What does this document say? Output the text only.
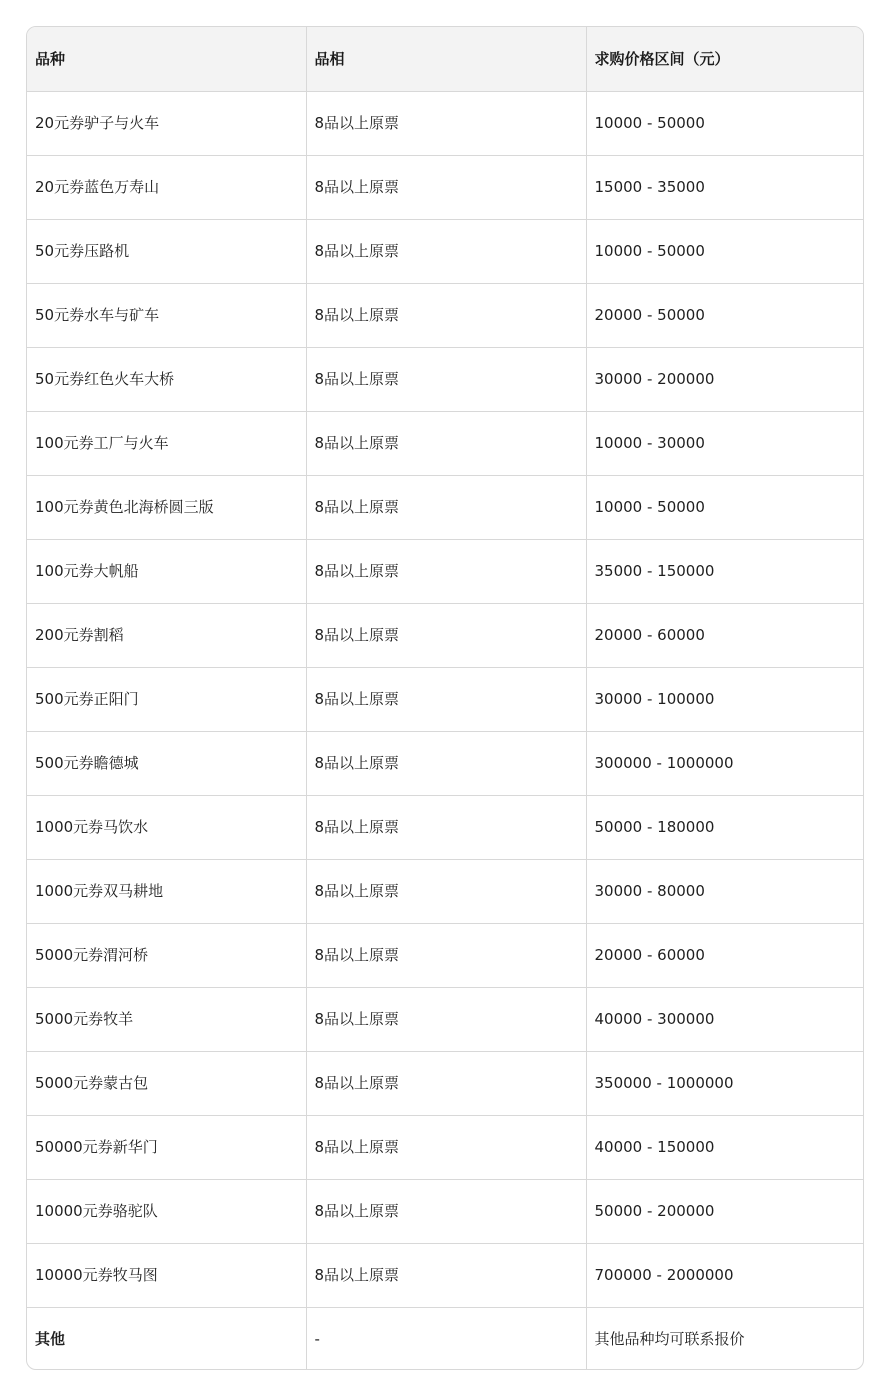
品种	品相	求购价格区间（元）
20元券驴子与火车	8品以上原票	10000 - 50000
20元券蓝色万寿山	8品以上原票	15000 - 35000
50元券压路机	8品以上原票	10000 - 50000
50元券水车与矿车	8品以上原票	20000 - 50000
50元券红色火车大桥	8品以上原票	30000 - 200000
100元券工厂与火车	8品以上原票	10000 - 30000
100元券黄色北海桥圆三版	8品以上原票	10000 - 50000
100元券大帆船	8品以上原票	35000 - 150000
200元券割稻	8品以上原票	20000 - 60000
500元券正阳门	8品以上原票	30000 - 100000
500元券瞻德城	8品以上原票	300000 - 1000000
1000元券马饮水	8品以上原票	50000 - 180000
1000元券双马耕地	8品以上原票	30000 - 80000
5000元券渭河桥	8品以上原票	20000 - 60000
5000元券牧羊	8品以上原票	40000 - 300000
5000元券蒙古包	8品以上原票	350000 - 1000000
50000元券新华门	8品以上原票	40000 - 150000
10000元券骆驼队	8品以上原票	50000 - 200000
10000元券牧马图	8品以上原票	700000 - 2000000
其他	-	其他品种均可联系报价
